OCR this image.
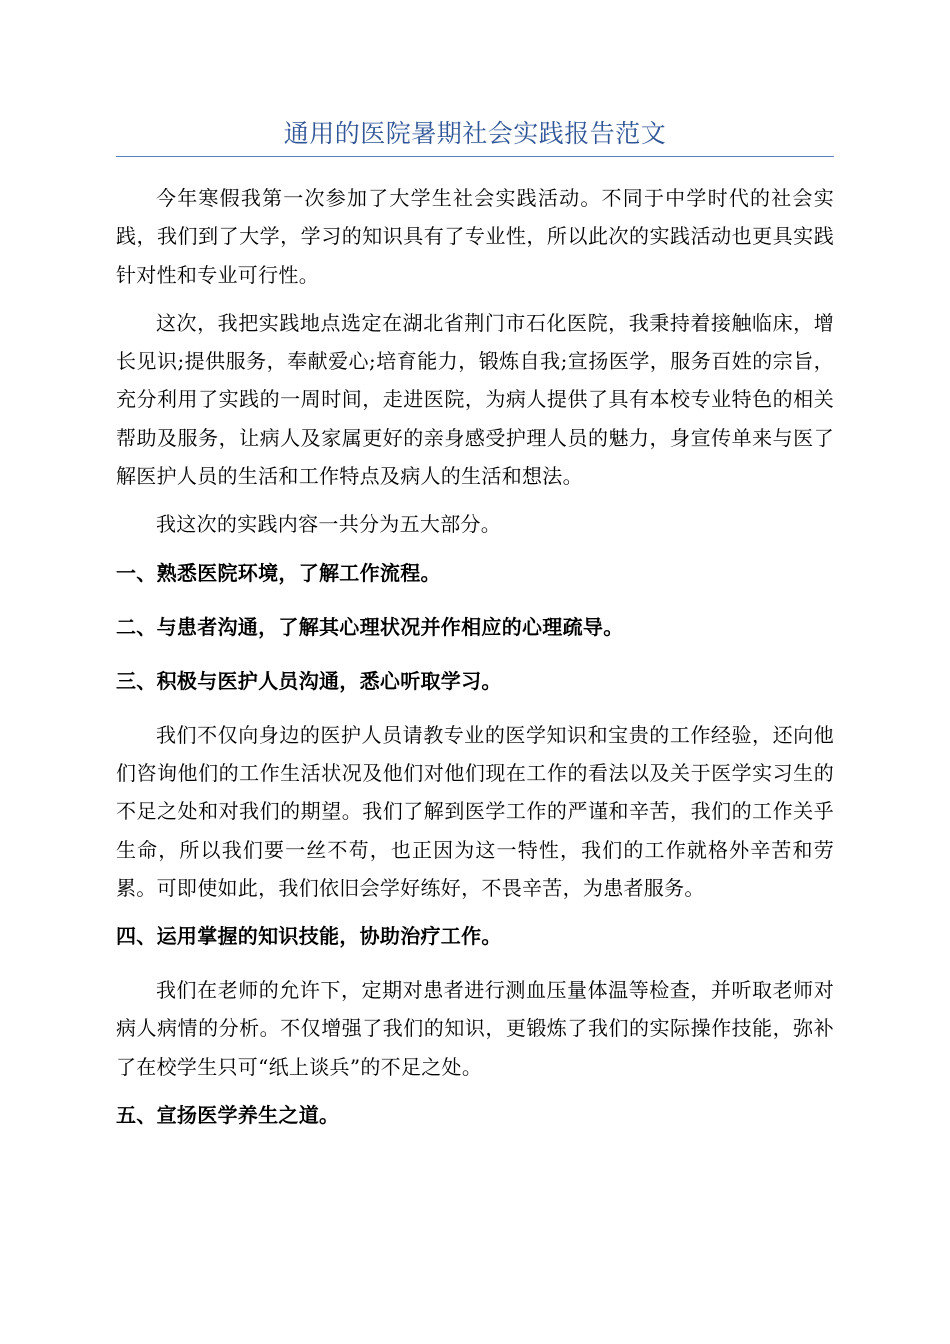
通用的医院暑期社会实践报告范文

今年寒假我第一次参加了大学生社会实践活动。不同于中学时代的社会实践，我们到了大学，学习的知识具有了专业性，所以此次的实践活动也更具实践针对性和专业可行性。

这次，我把实践地点选定在湖北省荆门市石化医院，我秉持着接触临床，增长见识;提供服务，奉献爱心;培育能力，锻炼自我;宣扬医学，服务百姓的宗旨，充分利用了实践的一周时间，走进医院，为病人提供了具有本校专业特色的相关帮助及服务，让病人及家属更好的亲身感受护理人员的魅力，身宣传单来与医了解医护人员的生活和工作特点及病人的生活和想法。

我这次的实践内容一共分为五大部分。

一、熟悉医院环境，了解工作流程。

二、与患者沟通，了解其心理状况并作相应的心理疏导。

三、积极与医护人员沟通，悉心听取学习。

我们不仅向身边的医护人员请教专业的医学知识和宝贵的工作经验，还向他们咨询他们的工作生活状况及他们对他们现在工作的看法以及关于医学实习生的不足之处和对我们的期望。我们了解到医学工作的严谨和辛苦，我们的工作关乎生命，所以我们要一丝不苟，也正因为这一特性，我们的工作就格外辛苦和劳累。可即使如此，我们依旧会学好练好，不畏辛苦，为患者服务。

四、运用掌握的知识技能，协助治疗工作。

我们在老师的允许下，定期对患者进行测血压量体温等检查，并听取老师对病人病情的分析。不仅增强了我们的知识，更锻炼了我们的实际操作技能，弥补了在校学生只可“纸上谈兵”的不足之处。

五、宣扬医学养生之道。
